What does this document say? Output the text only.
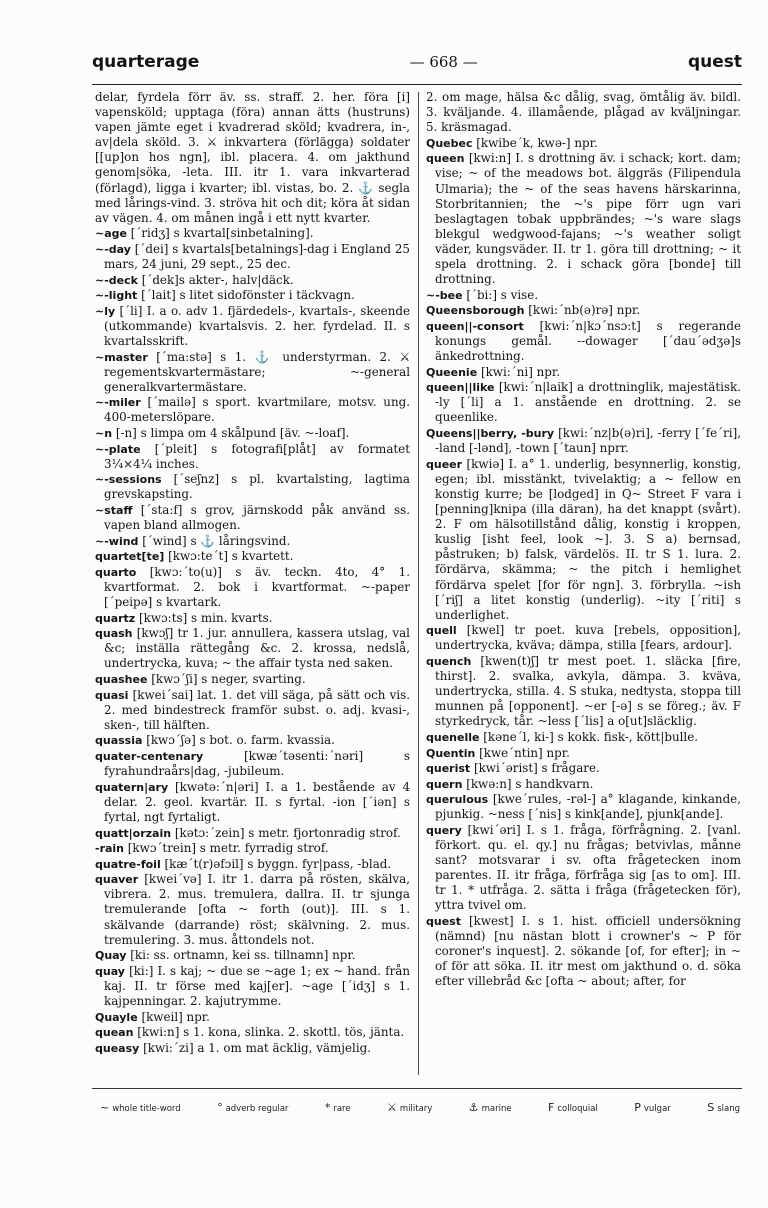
quarterage	— 668 —	quest

delar, fyrdela förr äv. ss. straff. 2. her. föra [i] vapenskö​ld; upptaga (föra) annan ätts (hustruns) vapen jämte eget i kvadrerad sköld; kvadrera, in-, av|dela sköld. 3. ⚔ inkvartera (förlägga) soldater [[up]on hos ngn], ibl. placera. 4. om jakthund genom|söka, -leta. III. itr 1. vara inkvarterad (förlagd), ligga i kvarter; ibl. vistas, bo. 2. ⚓ segla med lårings-vind. 3. ströva hit och dit; köra åt sidan av vägen. 4. om månen ingå i ett nytt kvarter.

~age [´ridʒ] s kvartal[sinbetalning].

~-day [´dei] s kvartals[betalnings]-dag i England 25 mars, 24 juni, 29 sept., 25 dec.

~-deck [´dek]s akter-, halv|däck.

~-light [´lait] s litet sidofönster i täckvagn.

~ly [´li] I. a o. adv 1. fjärdedels-, kvartals-, skeende (utkommande) kvartalsvis. 2. her. fyrdelad. II. s kvartalsskrift.

~master [´ma:stə] s 1. ⚓ understyrman. 2. ⚔ regementskvartermästare; ~-general generalkvartermästare.

~-miler [´mailə] s sport. kvartmilare, motsv. ung. 400-meterslöpare.

~n [-n] s limpa om 4 skålpund [äv. ~-loaf].

~-plate [´pleit] s fotografi[plåt] av formatet 3¼×4¼ inches.

~-sessions [´seʃnz] s pl. kvartalsting, lagtima grevskapsting.

~staff [´sta:f] s grov, järnskodd påk använd ss. vapen bland allmogen.

~-wind [´wind] s ⚓ låringsvind.

quartet[te] [kwɔ:te´t] s kvartett.

quarto [kwɔ:´to(u)] s äv. teckn. 4to, 4° 1. kvartformat. 2. bok i kvartformat. ~-paper [´peipə] s kvartark.

quartz [kwɔ:ts] s min. kvarts.

quash [kwɔʃ] tr 1. jur. annullera, kassera utslag, val &c; inställa rättegång &c. 2. krossa, nedslå, undertrycka, kuva; ~ the affair tysta ned saken.

quashee [kwɔ´ʃi] s neger, svarting.

quasi [kwei´sai] lat. 1. det vill säga, på sätt och vis. 2. med bindestreck framför subst. o. adj. kvasi-, sken-, till hälften.

quassia [kwɔ´ʃə] s bot. o. farm. kvassia.

quater-centenary	[kwæ´təsenti:´nəri] s fyrahundraårs|dag, -jubileum.

quatern|ary [kwətə:´n|əri] I. a 1. bestående av 4 delar. 2. geol. kvartär. II. s fyrtal. -ion [´iən] s fyrtal, ngt fyrtaligt.

quatt|orzain [kətɔ:´zein] s metr. fjortonradig strof.

-rain [kwɔ´trein] s metr. fyrradig strof.

quatre-foil [kæ´t(r)əfɔil] s byggn. fyr|pass, -blad.

quaver [kwei´və] I. itr 1. darra på rösten, skälva, vibrera. 2. mus. tremulera, dallra. II. tr sjunga tremulerande [ofta ~ forth (out)]. III. s 1. skälvande (darrande) röst; skälvning. 2. mus. tremulering. 3. mus. åttondels not.

Quay [ki: ss. ortnamn, kei ss. tillnamn] npr.

quay [ki:] I. s kaj; ~ due se ~age 1; ex ~ hand. från kaj. II. tr förse med kaj[er]. ~age [´idʒ] s 1. kajpenningar. 2. kajutrymme.

Quayle [kweil] npr.

quean [kwi:n] s 1. kona, slinka. 2. skottl. tös, jänta.

queasy [kwi:´zi] a 1. om mat äcklig, vämjelig.

2. om mage, hälsa &c dålig, svag, ömtålig äv. bildl. 3. kväljande. 4. illamående, plågad av kväljningar. 5. kräsmagad.

Quebec [kwibe´k, kwə-] npr.

queen [kwi:n] I. s drottning äv. i schack; kort. dam; vise; ~ of the meadows bot. älggräs (Filipendula Ulmaria); the ~ of the seas havens härskarinna, Storbritannien; the ~'s pipe förr ugn vari beslagtagen tobak uppbrändes; ~'s ware slags blekgul wedgwood-fajans; ~'s weather soligt väder, kungsväder. II. tr 1. göra till drottning; ~ it spela drottning. 2. i schack göra [bonde] till drottning.

~-bee [´bi:] s vise.

Queensborough [kwi:´nb(ə)rə] npr.

queen||-consort [kwi:´n|kɔ´nsɔ:t] s regerande konungs gemål. --dowager [´dau´ədʒə]s änkedrottning.

Queenie [kwi:´ni] npr.

queen||like [kwi:´n|laik] a drottninglik, majestätisk. -ly [´li] a 1. anstående en drottning. 2. se queenlike.

Queens||berry, -bury [kwi:´nz|b(ə)ri], -ferry [´fe´ri], -land [-lənd], -town [´taun] nprr.

queer [kwiə] I. a° 1. underlig, besynnerlig, konstig, egen; ibl. misstänkt, tvivelaktig; a ~ fellow en konstig kurre; be [lodged] in Q~ Street F vara i [penning]knipa (illa däran), ha det knappt (svårt). 2. F om hälsotillstånd dålig, konstig i kroppen, kuslig [isht feel, look ~]. 3. S a) bernsad, påstruken; b) falsk, värdelös. II. tr S 1. lura. 2. fördärva, skämma; ~ the pitch i hemlighet fördärva spelet [for för ngn]. 3. förbrylla. ~ish [´riʃ] a litet konstig (underlig). ~ity [´riti] s underlighet.

quell [kwel] tr poet. kuva [rebels, opposition], undertrycka, kväva; dämpa, stilla [fears, ardour].

quench [kwen(t)ʃ] tr mest poet. 1. släcka [fire, thirst]. 2. svalka, avkyla, dämpa. 3. kväva, undertrycka, stilla. 4. S stuka, nedtysta, stoppa till munnen på [opponent]. ~er [-ə] s se föreg.; äv. F styrkedryck, tår. ~less [´lis] a o[ut]släcklig.

quenelle [kəne´l, ki-] s kokk. fisk-, kött|bulle.

Quentin [kwe´ntin] npr.

querist [kwi´ərist] s frågare.

quern [kwə:n] s handkvarn.

querulous [kwe´rules, -rəl-] a° klagande, kinkande, pjunkig. ~ness [´nis] s kink[ande], pjunk[ande].

query [kwi´əri] I. s 1. fråga, förfrågning. 2. [vanl. förkort. qu. el. qy.] nu frågas; betvivlas, månne sant? motsvarar i sv. ofta frågetecken inom parentes. II. itr fråga, förfråga sig [as to om]. III. tr 1. * utfråga. 2. sätta i fråga (frågetecken för), yttra tvivel om.

quest [kwest] I. s 1. hist. officiell undersökning (nämnd) [nu nästan blott i crowner's ~ P för coroner's inquest]. 2. sökande [of, for efter]; in ~ of för att söka. II. itr mest om jakthund o. d. söka efter villebråd &c [ofta ~ about; after, for

~ whole title-word	° adverb regular	* rare	⚔ military	⚓ marine	F colloquial	P vulgar	S slang
